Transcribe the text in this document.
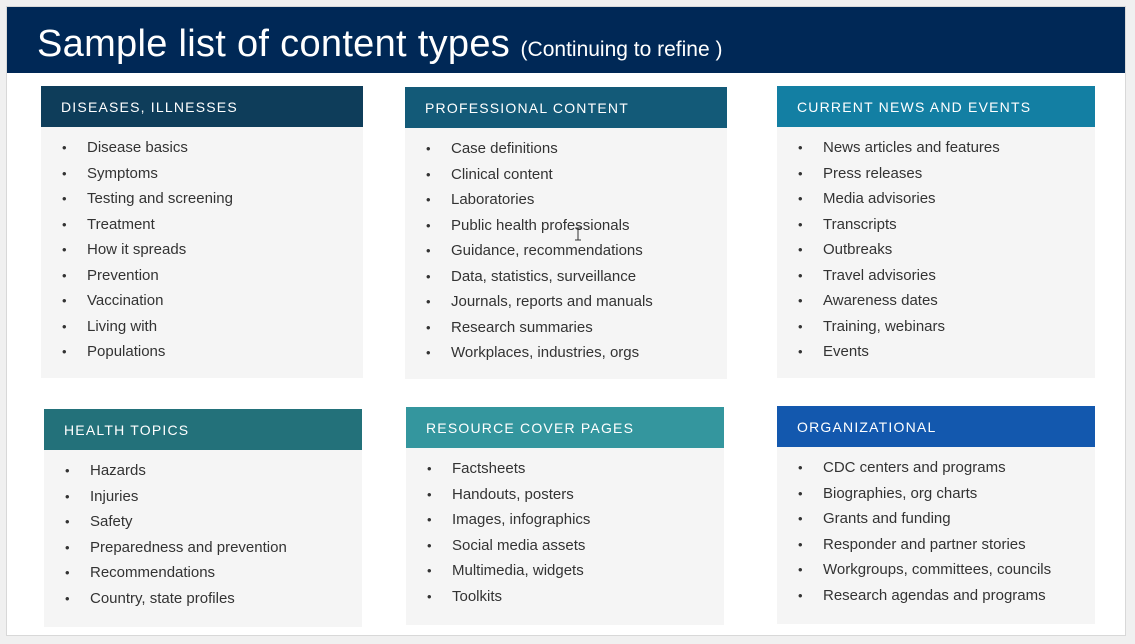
Sample list of content types (Continuing to refine )
DISEASES, ILLNESSES
• Disease basics
• Symptoms
• Testing and screening
• Treatment
• How it spreads
• Prevention
• Vaccination
• Living with
• Populations
PROFESSIONAL CONTENT
• Case definitions
• Clinical content
• Laboratories
• Public health professionals
• Guidance, recommendations
• Data, statistics, surveillance
• Journals, reports and manuals
• Research summaries
• Workplaces, industries, orgs
CURRENT NEWS AND EVENTS
• News articles and features
• Press releases
• Media advisories
• Transcripts
• Outbreaks
• Travel advisories
• Awareness dates
• Training, webinars
• Events
HEALTH TOPICS
• Hazards
• Injuries
• Safety
• Preparedness and prevention
• Recommendations
• Country, state profiles
RESOURCE COVER PAGES
• Factsheets
• Handouts, posters
• Images, infographics
• Social media assets
• Multimedia, widgets
• Toolkits
ORGANIZATIONAL
• CDC centers and programs
• Biographies, org charts
• Grants and funding
• Responder and partner stories
• Workgroups, committees, councils
• Research agendas and programs
